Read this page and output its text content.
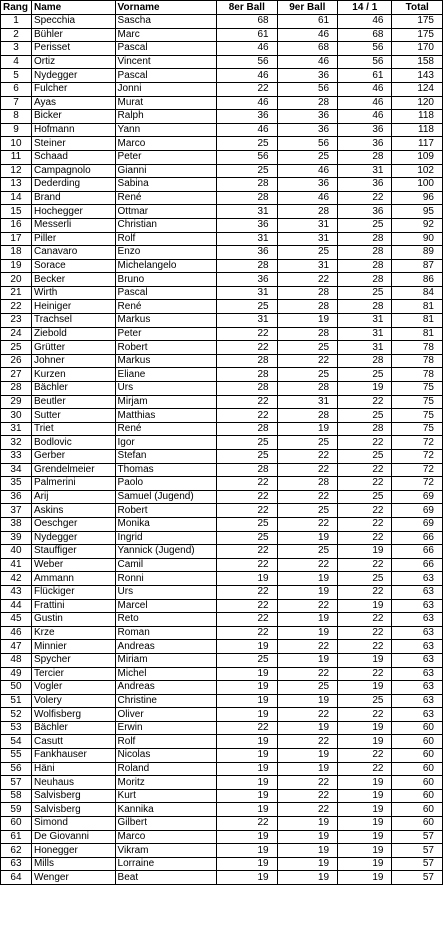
Rang	Name	Vorname	8er Ball	9er Ball	14 / 1	Total
1	Specchia	Sascha	68	61	46	175
2	Bühler	Marc	61	46	68	175
3	Perisset	Pascal	46	68	56	170
4	Ortiz	Vincent	56	46	56	158
5	Nydegger	Pascal	46	36	61	143
6	Fulcher	Jonni	22	56	46	124
7	Ayas	Murat	46	28	46	120
8	Bicker	Ralph	36	36	46	118
9	Hofmann	Yann	46	36	36	118
10	Steiner	Marco	25	56	36	117
11	Schaad	Peter	56	25	28	109
12	Campagnolo	Gianni	25	46	31	102
13	Dederding	Sabina	28	36	36	100
14	Brand	René	28	46	22	96
15	Hochegger	Ottmar	31	28	36	95
16	Messerli	Christian	36	31	25	92
17	Piller	Rolf	31	31	28	90
18	Canavaro	Enzo	36	25	28	89
19	Sorace	Michelangelo	28	31	28	87
20	Becker	Bruno	36	22	28	86
21	Wirth	Pascal	31	28	25	84
22	Heiniger	René	25	28	28	81
23	Trachsel	Markus	31	19	31	81
24	Ziebold	Peter	22	28	31	81
25	Grütter	Robert	22	25	31	78
26	Johner	Markus	28	22	28	78
27	Kurzen	Eliane	28	25	25	78
28	Bächler	Urs	28	28	19	75
29	Beutler	Mirjam	22	31	22	75
30	Sutter	Matthias	22	28	25	75
31	Triet	René	28	19	28	75
32	Bodlovic	Igor	25	25	22	72
33	Gerber	Stefan	25	22	25	72
34	Grendelmeier	Thomas	28	22	22	72
35	Palmerini	Paolo	22	28	22	72
36	Arij	Samuel (Jugend)	22	22	25	69
37	Askins	Robert	22	25	22	69
38	Oeschger	Monika	25	22	22	69
39	Nydegger	Ingrid	25	19	22	66
40	Stauffiger	Yannick (Jugend)	22	25	19	66
41	Weber	Camil	22	22	22	66
42	Ammann	Ronni	19	19	25	63
43	Flückiger	Urs	22	19	22	63
44	Frattini	Marcel	22	22	19	63
45	Gustin	Reto	22	19	22	63
46	Krze	Roman	22	19	22	63
47	Minnier	Andreas	19	22	22	63
48	Spycher	Miriam	25	19	19	63
49	Tercier	Michel	19	22	22	63
50	Vogler	Andreas	19	25	19	63
51	Volery	Christine	19	19	25	63
52	Wolfisberg	Oliver	19	22	22	63
53	Bächler	Erwin	22	19	19	60
54	Casutt	Rolf	19	22	19	60
55	Fankhauser	Nicolas	19	19	22	60
56	Häni	Roland	19	19	22	60
57	Neuhaus	Moritz	19	22	19	60
58	Salvisberg	Kurt	19	22	19	60
59	Salvisberg	Kannika	19	22	19	60
60	Simond	Gilbert	22	19	19	60
61	De Giovanni	Marco	19	19	19	57
62	Honegger	Vikram	19	19	19	57
63	Mills	Lorraine	19	19	19	57
64	Wenger	Beat	19	19	19	57
